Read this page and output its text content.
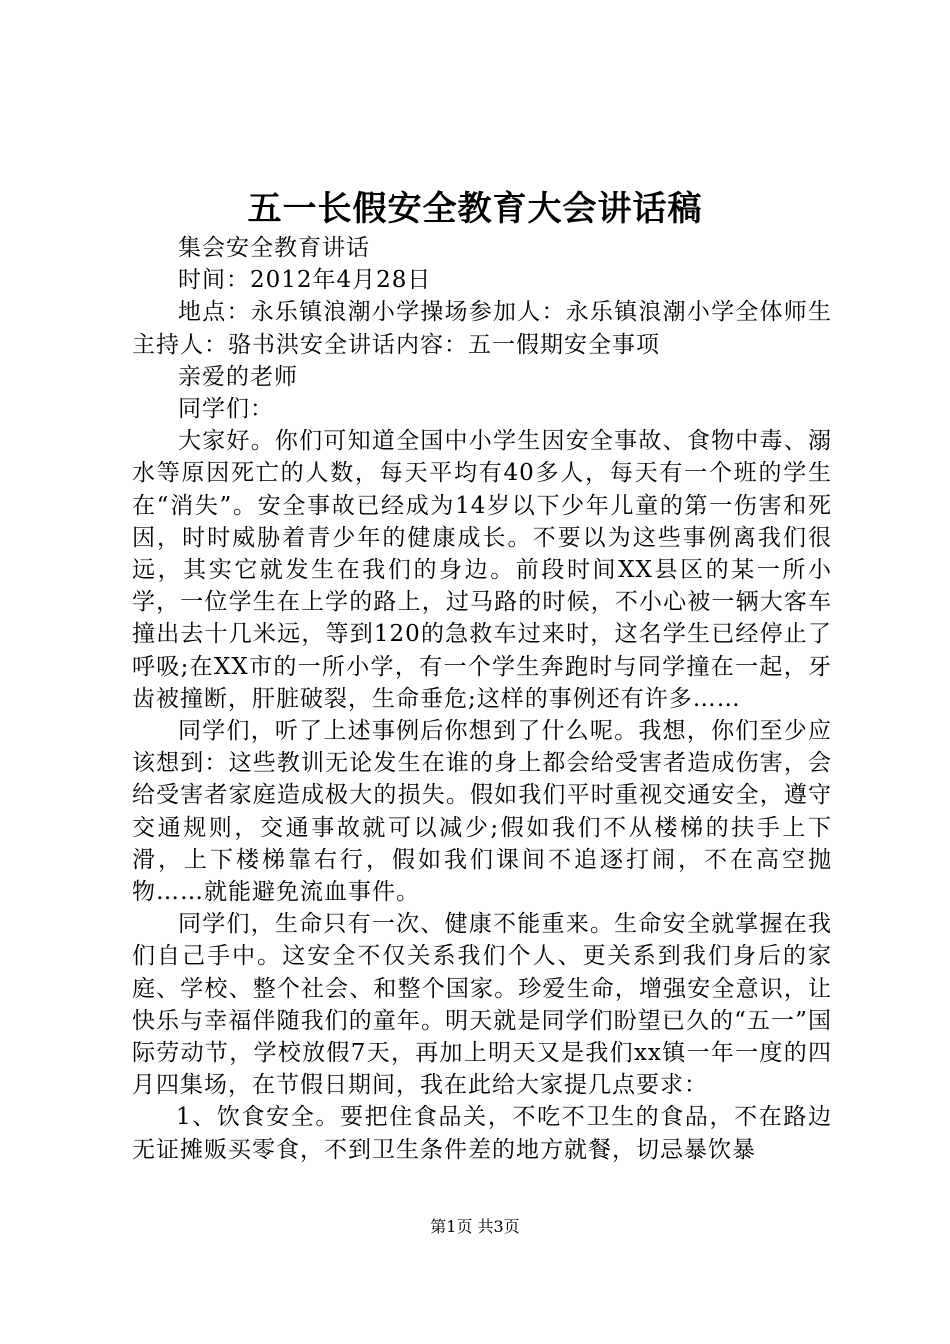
五一长假安全教育大会讲话稿

集会安全教育讲话

时间：2012年4月28日

地点：永乐镇浪潮小学操场参加人：永乐镇浪潮小学全体师生主持人：骆书洪安全讲话内容：五一假期安全事项

亲爱的老师

同学们：

大家好。你们可知道全国中小学生因安全事故、食物中毒、溺水等原因死亡的人数，每天平均有40多人，每天有一个班的学生在“消失”。安全事故已经成为14岁以下少年儿童的第一伤害和死因，时时威胁着青少年的健康成长。不要以为这些事例离我们很远，其实它就发生在我们的身边。前段时间XX县区的某一所小学，一位学生在上学的路上，过马路的时候，不小心被一辆大客车撞出去十几米远，等到120的急救车过来时，这名学生已经停止了呼吸;在XX市的一所小学，有一个学生奔跑时与同学撞在一起，牙齿被撞断，肝脏破裂，生命垂危;这样的事例还有许多……

同学们，听了上述事例后你想到了什么呢。我想，你们至少应该想到：这些教训无论发生在谁的身上都会给受害者造成伤害，会给受害者家庭造成极大的损失。假如我们平时重视交通安全，遵守交通规则，交通事故就可以减少;假如我们不从楼梯的扶手上下滑，上下楼梯靠右行，假如我们课间不追逐打闹，不在高空抛物……就能避免流血事件。

同学们，生命只有一次、健康不能重来。生命安全就掌握在我们自己手中。这安全不仅关系我们个人、更关系到我们身后的家庭、学校、整个社会、和整个国家。珍爱生命，增强安全意识，让快乐与幸福伴随我们的童年。明天就是同学们盼望已久的“五一”国际劳动节，学校放假7天，再加上明天又是我们xx镇一年一度的四月四集场，在节假日期间，我在此给大家提几点要求：

1、饮食安全。要把住食品关，不吃不卫生的食品，不在路边无证摊贩买零食，不到卫生条件差的地方就餐，切忌暴饮暴

第1页 共3页
